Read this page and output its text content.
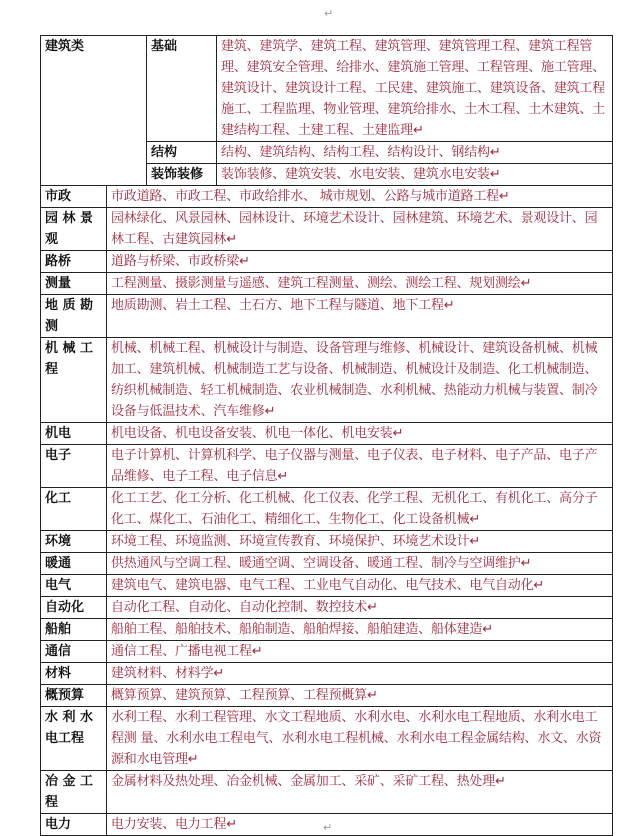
↵
建筑类		基础	建筑、建筑学、建筑工程、建筑管理、建筑管理工程、建筑工程管理、建筑安全管理、给排水、建筑施工管理、工程管理、施工管理、建筑设计、建筑设计工程、工民建、建筑施工、建筑设备、建筑工程施工、工程监理、物业管理、建筑给排水、土木工程、土木建筑、土建结构工程、土建工程、土建监理↵
		结构	结构、建筑结构、结构工程、结构设计、钢结构↵
		装饰装修	装饰装修、建筑安装、水电安装、建筑水电安装↵
市政	市政道路、市政工程、市政给排水、 城市规划、公路与城市道路工程↵		
园 林 景观	园林绿化、风景园林、园林设计、环境艺术设计、园林建筑、环境艺术、景观设计、园林工程、古建筑园林↵		
路桥	道路与桥梁、市政桥梁↵		
测量	工程测量、摄影测量与遥感、建筑工程测量、测绘、测绘工程、规划测绘↵		
地 质 勘测	地质勘测、岩土工程、土石方、地下工程与隧道、地下工程↵		
机 械 工程	机械、机械工程、机械设计与制造、设备管理与维修、机械设计、建筑设备机械、机械加工、建筑机械、机械制造工艺与设备、机械制造、机械设计及制造、化工机械制造、纺织机械制造、轻工机械制造、农业机械制造、水利机械、热能动力机械与装置、制冷设备与低温技术、汽车维修↵		
机电	机电设备、机电设备安装、机电一体化、机电安装↵		
电子	电子计算机、计算机科学、电子仪器与测量、电子仪表、电子材料、电子产品、电子产品维修、电子工程、电子信息↵		
化工	化工工艺、化工分析、化工机械、化工仪表、化学工程、无机化工、有机化工、高分子化工、煤化工、石油化工、精细化工、生物化工、化工设备机械↵		
环境	环境工程、环境监测、环境宣传教育、环境保护、环境艺术设计↵		
暖通	供热通风与空调工程、暖通空调、空调设备、暖通工程、制冷与空调维护↵		
电气	建筑电气、建筑电器、电气工程、工业电气自动化、电气技术、电气自动化↵		
自动化	自动化工程、自动化、自动化控制、数控技术↵		
船舶	船舶工程、船舶技术、船舶制造、船舶焊接、船舶建造、船体建造↵		
通信	通信工程、广播电视工程↵		
材料	建筑材料、材料学↵		
概预算	概算预算、建筑预算、工程预算、工程预概算↵		
水 利 水电工程	水利工程、水利工程管理、水文工程地质、水利水电、水利水电工程地质、水利水电工程测 量、水利水电工程电气、水利水电工程机械、水利水电工程金属结构、水文、水资源和水电管理↵		
冶 金 工程	金属材料及热处理、冶金机械、金属加工、采矿、采矿工程、热处理↵		
电力	电力安装、电力工程↵			↵
